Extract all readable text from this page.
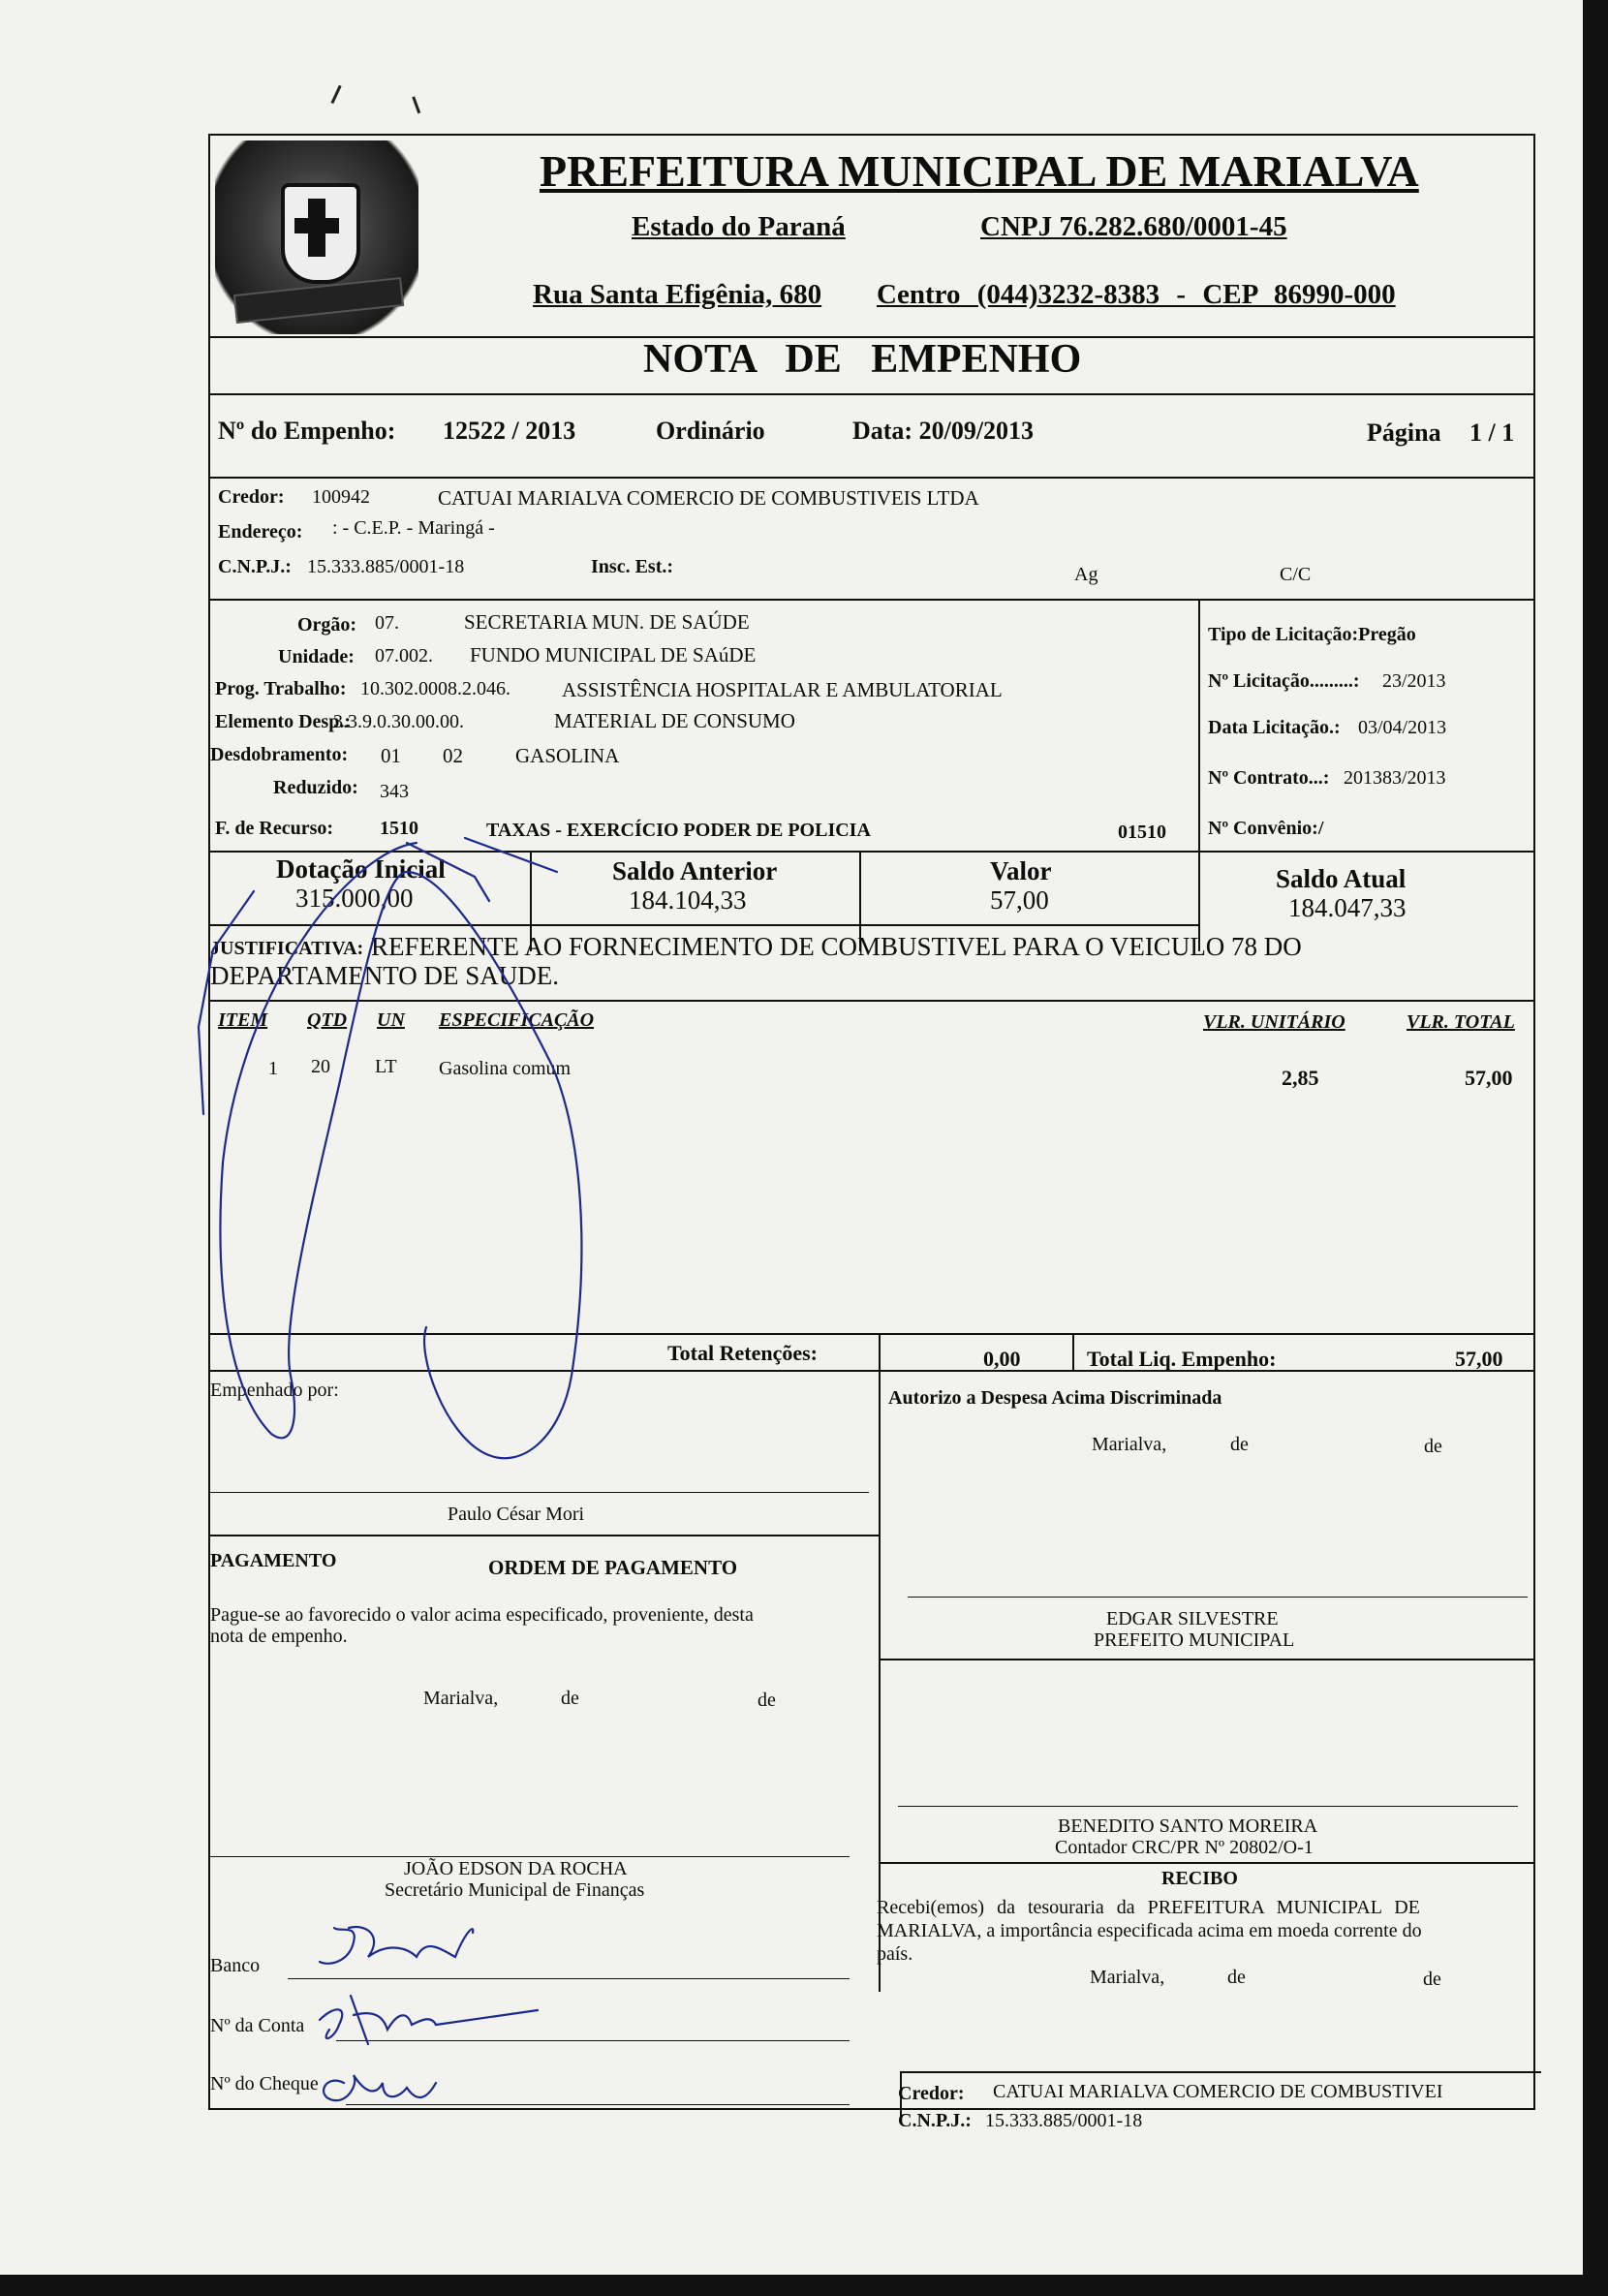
PREFEITURA MUNICIPAL DE MARIALVA
Estado do Paraná	CNPJ 76.282.680/0001-45
Rua Santa Efigênia, 680 Centro (044)3232-8383 - CEP 86990-000
NOTA DE EMPENHO
Nº do Empenho: 12522 / 2013	Ordinário	Data: 20/09/2013	Página 1 / 1
Credor: 100942	CATUAI MARIALVA COMERCIO DE COMBUSTIVEIS LTDA
Endereço: : - C.E.P. - Maringá -
C.N.P.J.: 15.333.885/0001-18	Insc. Est.:	Ag	C/C
Orgão: 07.	SECRETARIA MUN. DE SAÚDE
Unidade: 07.002. FUNDO MUNICIPAL DE SAúDE
Prog. Trabalho: 10.302.0008.2.046.	ASSISTÊNCIA HOSPITALAR E AMBULATORIAL
Elemento Desp.:
3.3.9.0.30.00.00.	MATERIAL DE CONSUMO
Desdobramento: 01 02	GASOLINA
Reduzido: 343
F. de Recurso: 1510	TAXAS - EXERCÍCIO PODER DE POLICIA	01510
Tipo de Licitação:Pregão
Nº Licitação.........: 23/2013
Data Licitação.: 03/04/2013
Nº Contrato...: 201383/2013
Nº Convênio:/
Dotação Inicial
315.000,00
Saldo Anterior
184.104,33
Valor
57,00
Saldo Atual
184.047,33
JUSTIFICATIVA: REFERENTE AO FORNECIMENTO DE COMBUSTIVEL PARA O VEICULO 78 DO
DEPARTAMENTO DE SAUDE.
ITEM QTD UN ESPECIFICAÇÃO	VLR. UNITÁRIO	VLR. TOTAL
1 20 LT Gasolina comum	2,85	57,00
Total Retenções:	0,00	Total Liq. Empenho:	57,00
Empenhado por:	Autorizo a Despesa Acima Discriminada
Marialva,	de	de
Paulo César Mori
PAGAMENTO	ORDEM DE PAGAMENTO
Pague-se ao favorecido o valor acima especificado, proveniente, desta
nota de empenho.
Marialva,	de	de
JOÃO EDSON DA ROCHA
Secretário Municipal de Finanças
EDGAR SILVESTRE
PREFEITO MUNICIPAL
BENEDITO SANTO MOREIRA
Contador CRC/PR Nº 20802/O-1
RECIBO
Recebi(emos) da tesouraria da PREFEITURA MUNICIPAL DE
MARIALVA, a importância especificada acima em moeda corrente do
país.
Marialva,	de	de
Banco
Nº da Conta
Nº do Cheque	Credor: CATUAI MARIALVA COMERCIO DE COMBUSTIVEI
C.N.P.J.: 15.333.885/0001-18
